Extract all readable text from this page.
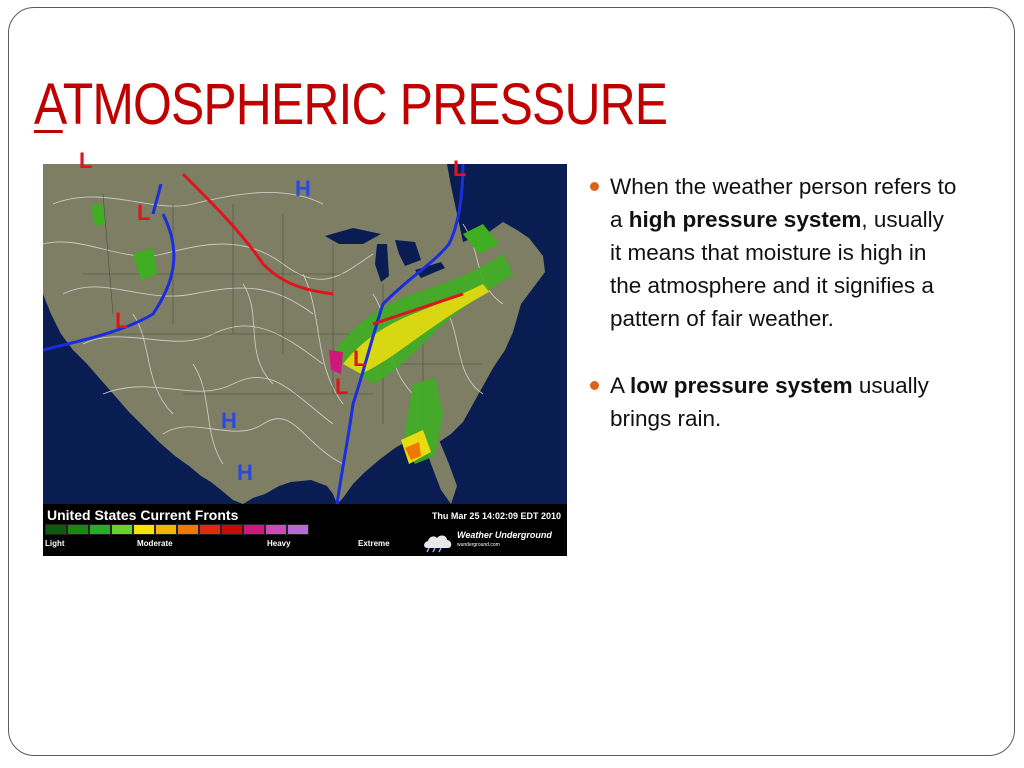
ATMOSPHERIC PRESSURE
L
H
L
L
L
H
H
L
L
United States Current Fronts	Thu Mar 25 14:02:09 EDT 2010
Light	Moderate	Heavy	Extreme
Weather Underground
wunderground.com
When the weather person refers to a high pressure system, usually it means that moisture is high in the atmosphere and it signifies a pattern of fair weather.
A low pressure system usually brings rain.
